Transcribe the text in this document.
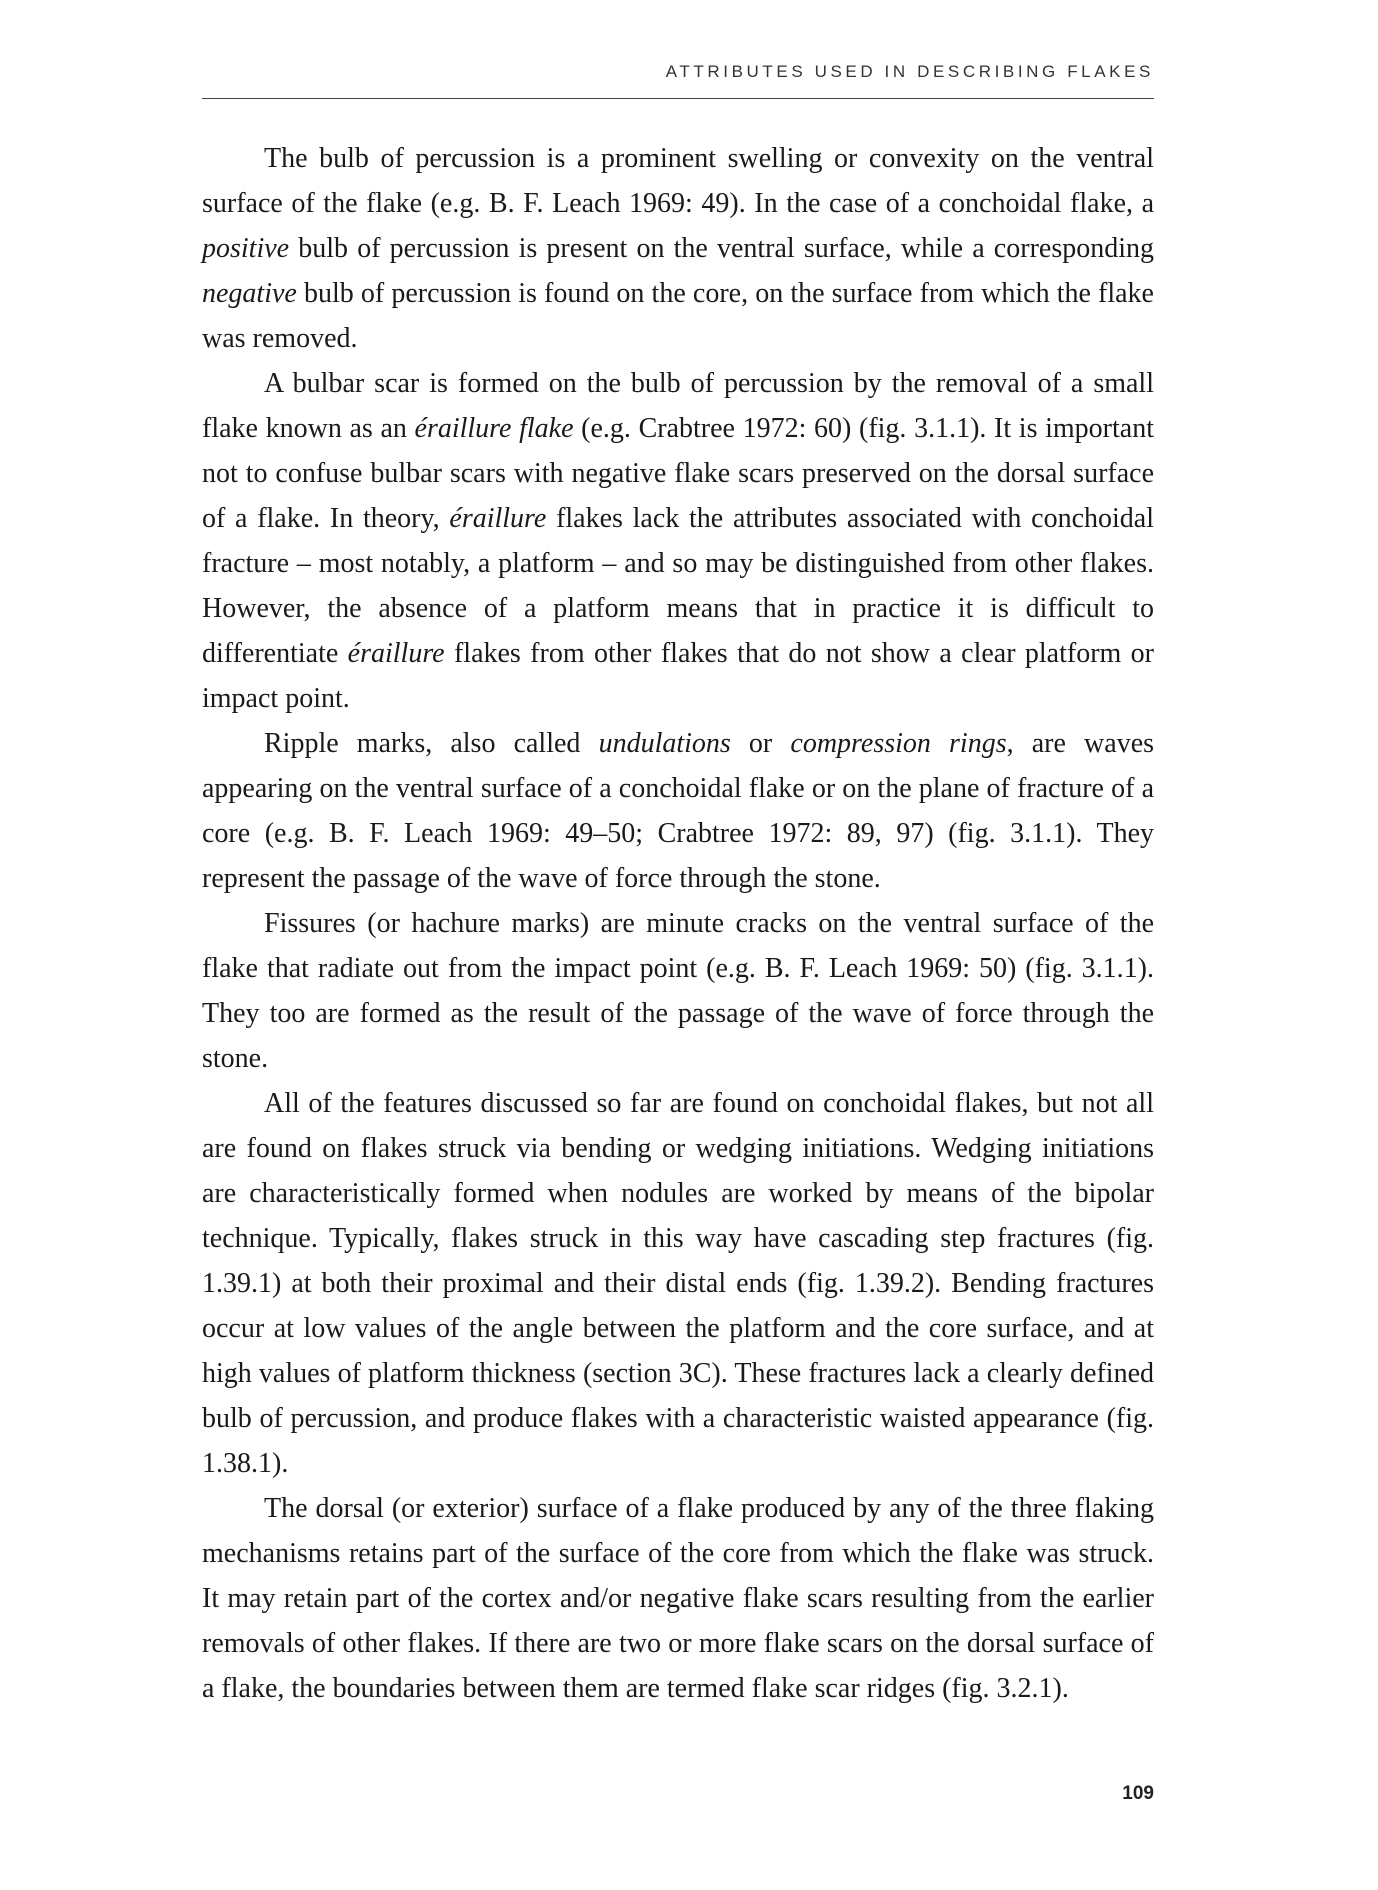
ATTRIBUTES USED IN DESCRIBING FLAKES

The bulb of percussion is a prominent swelling or convexity on the ventral surface of the flake (e.g. B. F. Leach 1969: 49). In the case of a conchoidal flake, a positive bulb of percussion is present on the ventral surface, while a corresponding negative bulb of percussion is found on the core, on the surface from which the flake was removed.

A bulbar scar is formed on the bulb of percussion by the removal of a small flake known as an éraillure flake (e.g. Crabtree 1972: 60) (fig. 3.1.1). It is important not to confuse bulbar scars with negative flake scars preserved on the dorsal surface of a flake. In theory, éraillure flakes lack the attributes associated with conchoidal fracture – most notably, a platform – and so may be distinguished from other flakes. However, the absence of a platform means that in practice it is difficult to differentiate éraillure flakes from other flakes that do not show a clear platform or impact point.

Ripple marks, also called undulations or compression rings, are waves appearing on the ventral surface of a conchoidal flake or on the plane of fracture of a core (e.g. B. F. Leach 1969: 49–50; Crabtree 1972: 89, 97) (fig. 3.1.1). They represent the passage of the wave of force through the stone.

Fissures (or hachure marks) are minute cracks on the ventral surface of the flake that radiate out from the impact point (e.g. B. F. Leach 1969: 50) (fig. 3.1.1). They too are formed as the result of the passage of the wave of force through the stone.

All of the features discussed so far are found on conchoidal flakes, but not all are found on flakes struck via bending or wedging initiations. Wedging initiations are characteristically formed when nodules are worked by means of the bipolar technique. Typically, flakes struck in this way have cascading step fractures (fig. 1.39.1) at both their proximal and their distal ends (fig. 1.39.2). Bending fractures occur at low values of the angle between the platform and the core surface, and at high values of platform thickness (section 3C). These fractures lack a clearly defined bulb of percussion, and produce flakes with a characteristic waisted appearance (fig. 1.38.1).

The dorsal (or exterior) surface of a flake produced by any of the three flaking mechanisms retains part of the surface of the core from which the flake was struck. It may retain part of the cortex and/or negative flake scars resulting from the earlier removals of other flakes. If there are two or more flake scars on the dorsal surface of a flake, the boundaries between them are termed flake scar ridges (fig. 3.2.1).

109
